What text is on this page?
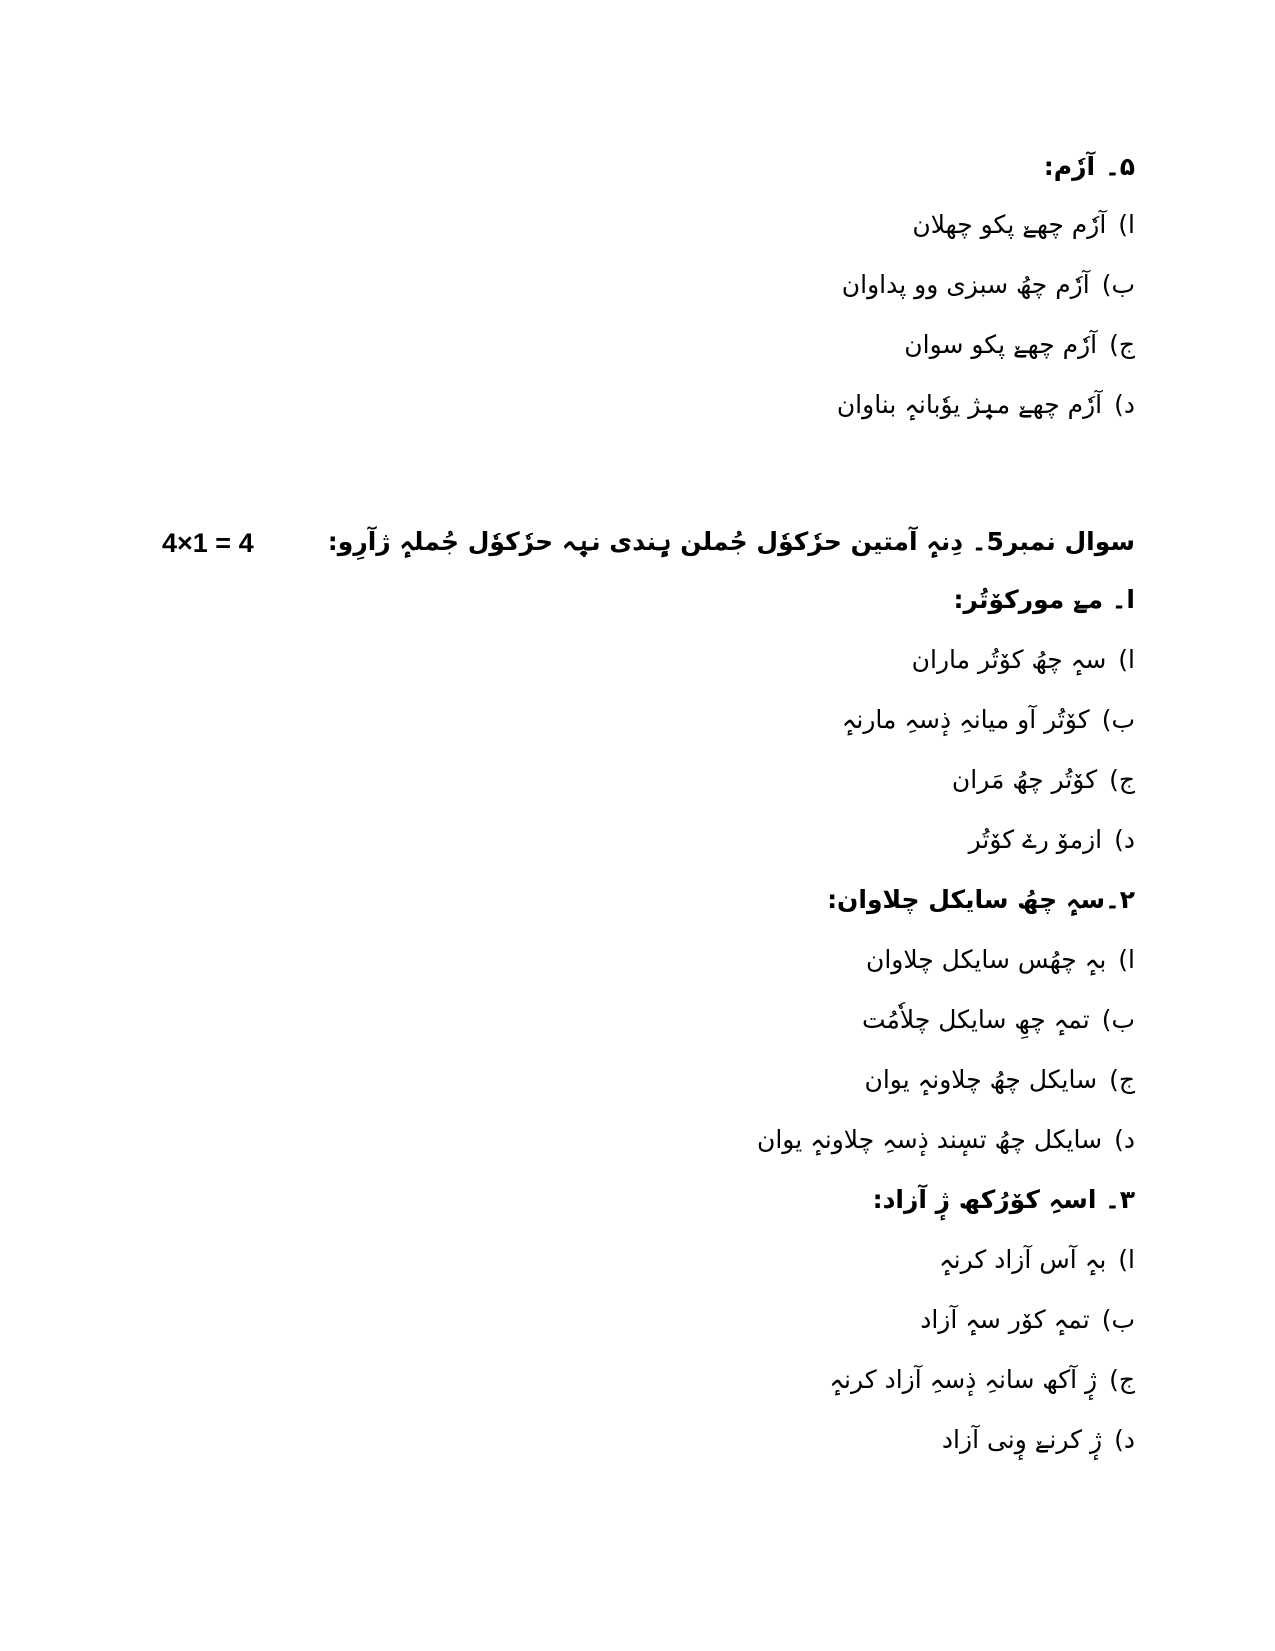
۵۔آرٗم:
ا)آرٗم چھےٚ پکو چھلان
ب)آرٗم چھُ سبزی وو پداوان
ج)آرٗم چھےٚ پکو سوان
د)آرٗم چھےٚ میٖژ یوٗبانہٕ بناوان
سوال نمبر5۔ دِنہٕ آمتین حرٗکوٗل جُملن ہٕندی نیٖہ حرٗکوٗل جُملہٕ ژآرِو:
4×1 = 4
ا۔ مےٚ مورکوٚتُر:
ا)سہٕ چھُ کوٚتُر ماران
ب)کوٚتُر آو میانہِ ذٕسہِ مارنہٕ
ج)کوٚتُر چھُ مَران
د)ازموٚ رےٚ کوٚتُر
۲۔سہٕ چھُ سایکل چلاوان:
ا)بہٕ چھُس سایکل چلاوان
ب)تمہٕ چھِ سایکل چلاٗمُت
ج)سایکل چھُ چلاونہٕ یوان
د)سایکل چھُ تسٕند ذٕسہِ چلاونہٕ یوان
۳۔ اسہِ کوٚرُکھ ژٕ آزاد:
ا)بہٕ آس آزاد کرنہٕ
ب)تمہٕ کوٚر سہٕ آزاد
ج)ژٕ آکھ سانہِ ذٕسہِ آزاد کرنہٕ
د)ژٕ کرنےٚ وٕنی آزاد
